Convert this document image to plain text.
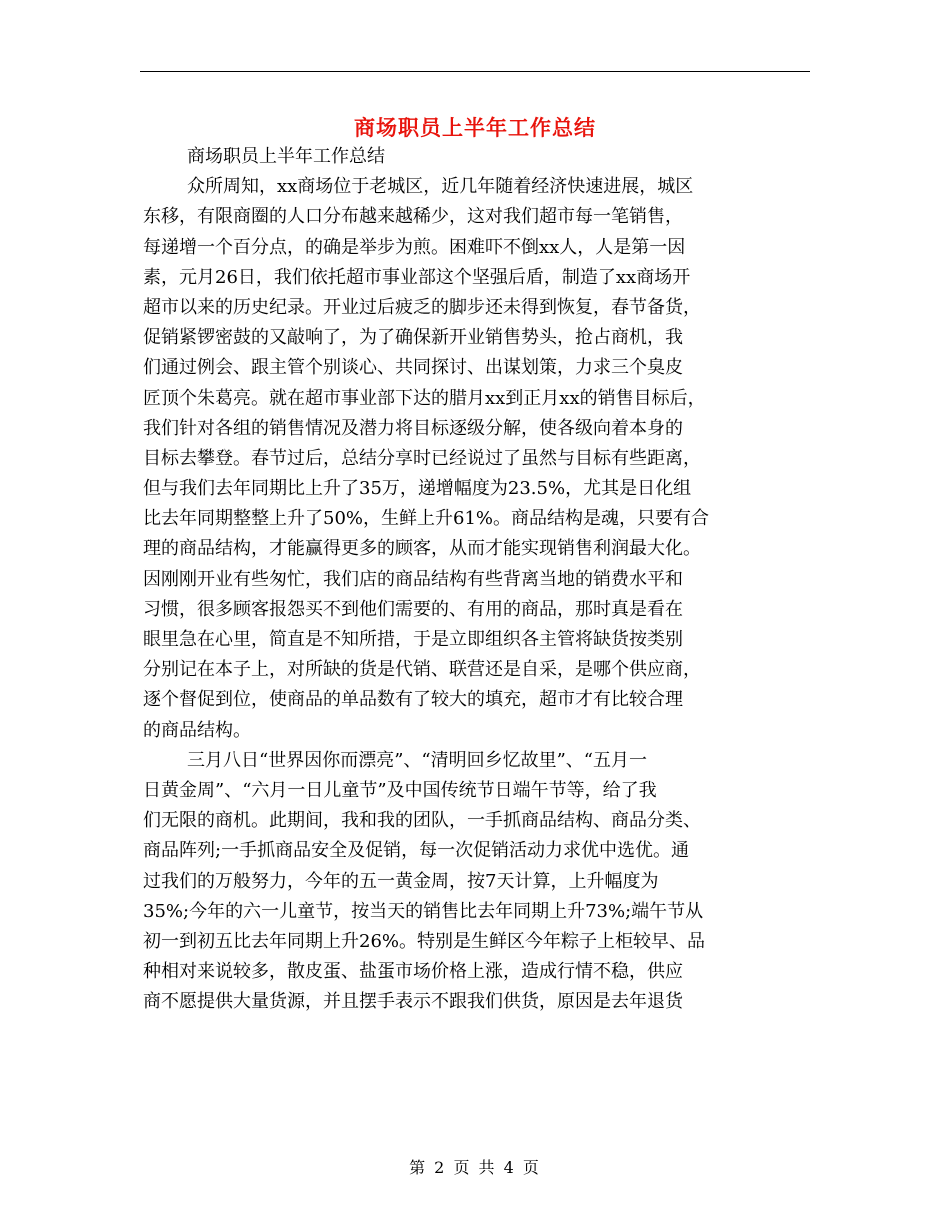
商场职员上半年工作总结
商场职员上半年工作总结
众所周知，xx商场位于老城区，近几年随着经济快速进展，城区
东移，有限商圈的人口分布越来越稀少，这对我们超市每一笔销售，
每递增一个百分点，的确是举步为煎。困难吓不倒xx人，人是第一因
素，元月26日，我们依托超市事业部这个坚强后盾，制造了xx商场开
超市以来的历史纪录。开业过后疲乏的脚步还未得到恢复，春节备货，
促销紧锣密鼓的又敲响了，为了确保新开业销售势头，抢占商机，我
们通过例会、跟主管个别谈心、共同探讨、出谋划策，力求三个臭皮
匠顶个朱葛亮。就在超市事业部下达的腊月xx到正月xx的销售目标后，
我们针对各组的销售情况及潜力将目标逐级分解，使各级向着本身的
目标去攀登。春节过后，总结分享时已经说过了虽然与目标有些距离，
但与我们去年同期比上升了35万，递增幅度为23.5%，尤其是日化组
比去年同期整整上升了50%，生鲜上升61%。商品结构是魂，只要有合
理的商品结构，才能赢得更多的顾客，从而才能实现销售利润最大化。
因刚刚开业有些匆忙，我们店的商品结构有些背离当地的销费水平和
习惯，很多顾客报怨买不到他们需要的、有用的商品，那时真是看在
眼里急在心里，简直是不知所措，于是立即组织各主管将缺货按类别
分别记在本子上，对所缺的货是代销、联营还是自采，是哪个供应商，
逐个督促到位，使商品的单品数有了较大的填充，超市才有比较合理
的商品结构。
三月八日“世界因你而漂亮”、“清明回乡忆故里”、“五月一
日黄金周”、“六月一日儿童节”及中国传统节日端午节等，给了我
们无限的商机。此期间，我和我的团队，一手抓商品结构、商品分类、
商品阵列;一手抓商品安全及促销，每一次促销活动力求优中选优。通
过我们的万般努力，今年的五一黄金周，按7天计算，上升幅度为
35%;今年的六一儿童节，按当天的销售比去年同期上升73%;端午节从
初一到初五比去年同期上升26%。特别是生鲜区今年粽子上柜较早、品
种相对来说较多，散皮蛋、盐蛋市场价格上涨，造成行情不稳，供应
商不愿提供大量货源，并且摆手表示不跟我们供货，原因是去年退货
第 2 页 共 4 页
